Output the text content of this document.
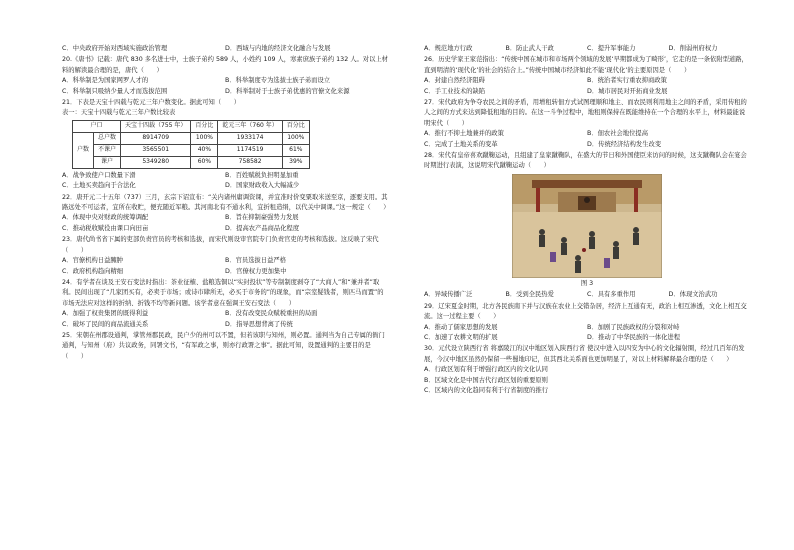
C．中央政府开始对西域实施政治管理	D．西域与内地的经济文化融合与发展
20.《唐书》记载：唐代 830 多名进士中，士族子弟约 589 人，小姓约 109 人，寒素庶族子弟约 132 人。对以上材料的解读最合理的是，唐代（　　）
A．科举制是为国家网罗人才的	B．科举制度专为选拔士族子弟而设立
C．科举制只吸纳少量人才而选拔范围	D．科举制对于士族子弟优惠的官僚文化来源
21．下表是天宝十四载与乾元三年户数变化。据此可知（　　）
表一：天宝十四载与乾元三年户数比较表
户口		天宝十四载（755 年）	百分比	乾元三年（760 年）	百分比
户数	总户数	8914709	100%	1933174	100%
	不课户	3565501	40%	1174519	61%
	课户	5349280	60%	758582	39%
A．战争致使户口数量下滑	B．百姓赋税负担明显加重
C．土地买卖趋向于合法化	D．国家财政收入大幅减少
22．唐开元二十五年（737）三月，玄宗下诏宣布：“关内诸州庸调资课，并宜准时价变粟取米送至京，逐要支用。其路远处不可运者，宜所在收贮，便充随近军粮。其河南北有不通水利，宜折租造绢，以代关中调课。”这一规定（　　）
A．体现中央对财政的统筹调配	B．旨在抑制豪强势力发展
C．推动税收赋役由课口向田亩	D．提高农产品商品化程度
23．唐代尚书省下属的吏部负责官员的考核和选拔，而宋代则设审官院专门负责官吏的考核和选拔。这反映了宋代（　　）
A．官僚机构日益臃肿	B．官员选拔日益严格
C．政府机构趋向精细	D．官僚权力更加集中
24．有学者在谈及王安石变法时指出：茶业征榷、盐粮选铜以“实封投状”等专制制度剥夺了“大商人”和“兼并者”取利。民间出现了“几家团买有，必卖于市场；或诗市肆所无，必买于市务的”的现象，而“宗室疑钱者，则匹马而置”的市场无法应对这样的折纳、折钱不均等新问题。该学者意在强调王安石变法（　　）
A．加强了权贵集团的既得利益	B．没有改变民众赋税重担的局面
C．破坏了民间的商品流通关系	D．指导思想背离了传统
25．宋朝在州郡设通判，掌管州郡民政，民户少的州可以不置，但若该职与知州，则必置。通判当为自己专属的衙门通判，与知州（府）共议政务，同署文书，“有军政之事，则亦行政署之事”。据此可知，设置通判的主要目的是（　　）
A．规范地方行政	B．防止武人干政	C．提升军事能力	D．削弱州府权力
26．历史学家王家范指出：“传统中国在城市和市场两个领域的发展‘早期都成为了畸形’，它走的是一条依附型道路，直到明清的‘现代化’的社会的结合上。”传统中国城市经济如此不能‘现代化’的主要原因是（　　）
A．封建自然经济阻碍	B．统治者实行重农抑商政策
C．手工业技术的缺陷	D．城市居民对开拓商业发展
27．宋代政府为争夺农民之间的矛盾，用增租转佃方式试图理顺和地主、而农民则利用地主之间的矛盾，采用传租的人之间的方式来达到降低租地的目的。在这一斗争过程中，地租则保持在既能维持在一个合理的水平上，材料最能说明宋代（　　）
A．推行不抑土地兼并的政策	B．佃农社会地位提高
C．完成了土地关系的变革	D．传统经济结构发生改变
28．宋代有皇帝喜欢蹴鞠运动，且组建了皇家蹴鞠队，在盛大的节日和外国使臣来访问的时候，这支蹴鞠队会在宴会时期进行表演，这说明宋代蹴鞠运动（　　）
图 3
A．异域传播广泛	B．受到全民热爱	C．具有多重作用	D．体现文治武功
29．辽宋夏金时期，北方各民族南下并与汉族在农业上交错杂居，经济上互通有无，政治上相互渗透，文化上相互交流。这一过程主要（　　）
A．推动了儒家思想的发展	B．加剧了民族政权的分裂和对峙
C．加速了农耕文明的扩展	D．推动了中华民族的一体化进程
30．元代设立陕西行省 将嘉陵江的汉中地区划入陕西行省 使汉中进入以四安为中心的文化辐射圈，经过几百年的发展，今汉中地区虽然仍保留一些蜀地印记，但其西北关系面也更加明显了，对以上材料解释最合理的是（　　）
A．行政区划有利于增强行政区内的文化认同
B．区域文化是中国古代行政区划的重要原则
C．区域内的文化趋同有利于行省制度的推行
